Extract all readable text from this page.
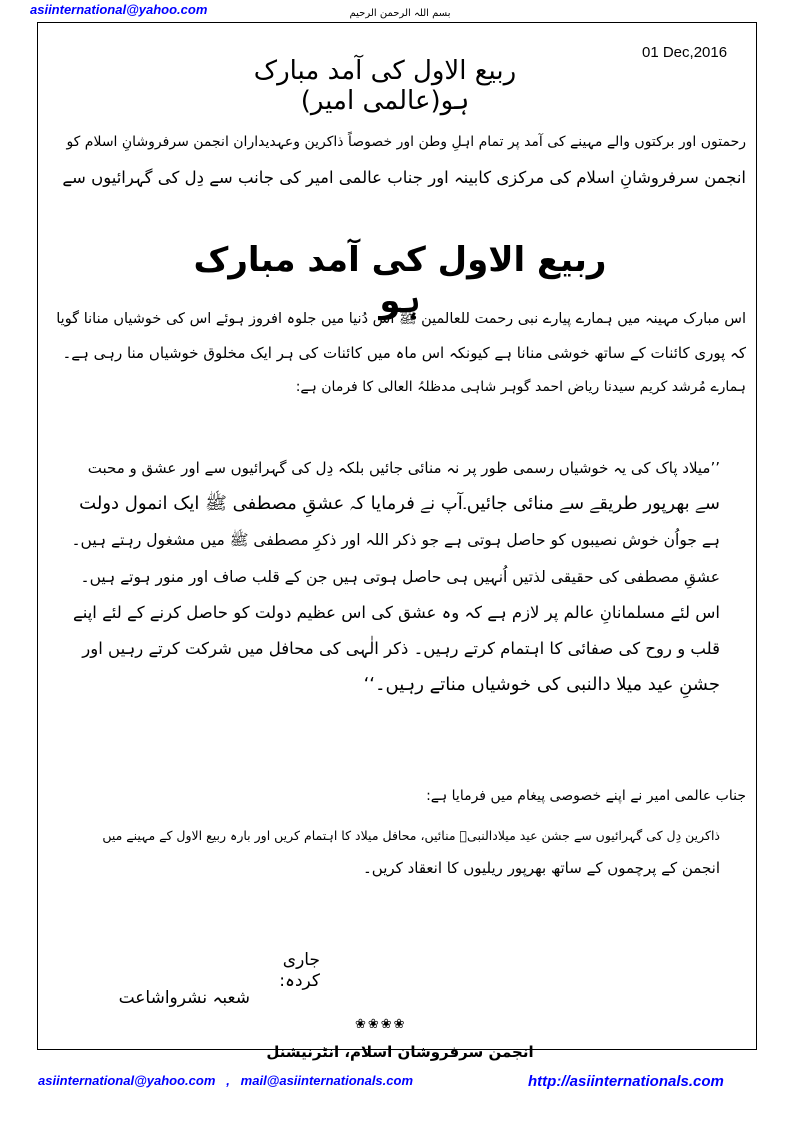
asiinternational@yahoo.com	بسم اللہ الرحمن الرحیم
01 Dec,2016
ربیع الاول کی آمد مبارک ہو(عالمی امیر)
رحمتوں اور برکتوں والے مہینے کی آمد پر تمام اہلِ وطن اور خصوصاً ذاکرین وعہدیداران انجمن سرفروشانِ اسلام کو
انجمن سرفروشانِ اسلام کی مرکزی کابینہ اور جناب عالمی امیر کی جانب سے دِل کی گہرائیوں سے
ربیع الاول کی آمد مبارک ہو
اس مبارک مہینہ میں ہمارے پیارے نبی رحمت للعالمین ﷺ اس دُنیا میں جلوہ افروز ہوئے اس کی خوشیاں منانا گویا
کہ پوری کائنات کے ساتھ خوشی منانا ہے کیونکہ اس ماہ میں کائنات کی ہر ایک مخلوق خوشیاں منا رہی ہے۔
ہمارے مُرشد کریم سیدنا ریاض احمد گوہر شاہی مدظلہُ العالی کا فرمان ہے:
’’میلاد پاک کی یہ خوشیاں رسمی طور پر نہ منائی جائیں بلکہ دِل کی گہرائیوں سے اور عشق و محبت
سے بھرپور طریقے سے منائی جائیں۔آپ نے فرمایا کہ عشقِ مصطفی ﷺ ایک انمول دولت
ہے جواُن خوش نصیبوں کو حاصل ہوتی ہے جو ذکر اللہ اور ذکرِ مصطفی ﷺ میں مشغول رہتے ہیں۔
عشقِ مصطفی کی حقیقی لذتیں اُنہیں ہی حاصل ہوتی ہیں جن کے قلب صاف اور منور ہوتے ہیں۔
اس لئے مسلمانانِ عالم پر لازم ہے کہ وہ عشق کی اس عظیم دولت کو حاصل کرنے کے لئے اپنے
قلب و روح کی صفائی کا اہتمام کرتے رہیں۔ ذکر الٰہی کی محافل میں شرکت کرتے رہیں اور
جشنِ عید میلا دالنبی کی خوشیاں مناتے رہیں۔‘‘
جناب عالمی امیر نے اپنے خصوصی پیغام میں فرمایا ہے:
ذاکرین دِل کی گہرائیوں سے جشن عید میلادالنبیؐ منائیں، محافل میلاد کا اہتمام کریں اور بارہ ربیع الاول کے مہینے میں
انجمن کے پرچموں کے ساتھ بھرپور ریلیوں کا انعقاد کریں۔
جاری کردہ:
شعبہ نشرواشاعت
❀❀❀❀
انجمن سرفروشان اسلام، انٹرنیشنل
asiinternational@yahoo.com   ,   mail@asiinternationals.com	http://asiinternationals.com
